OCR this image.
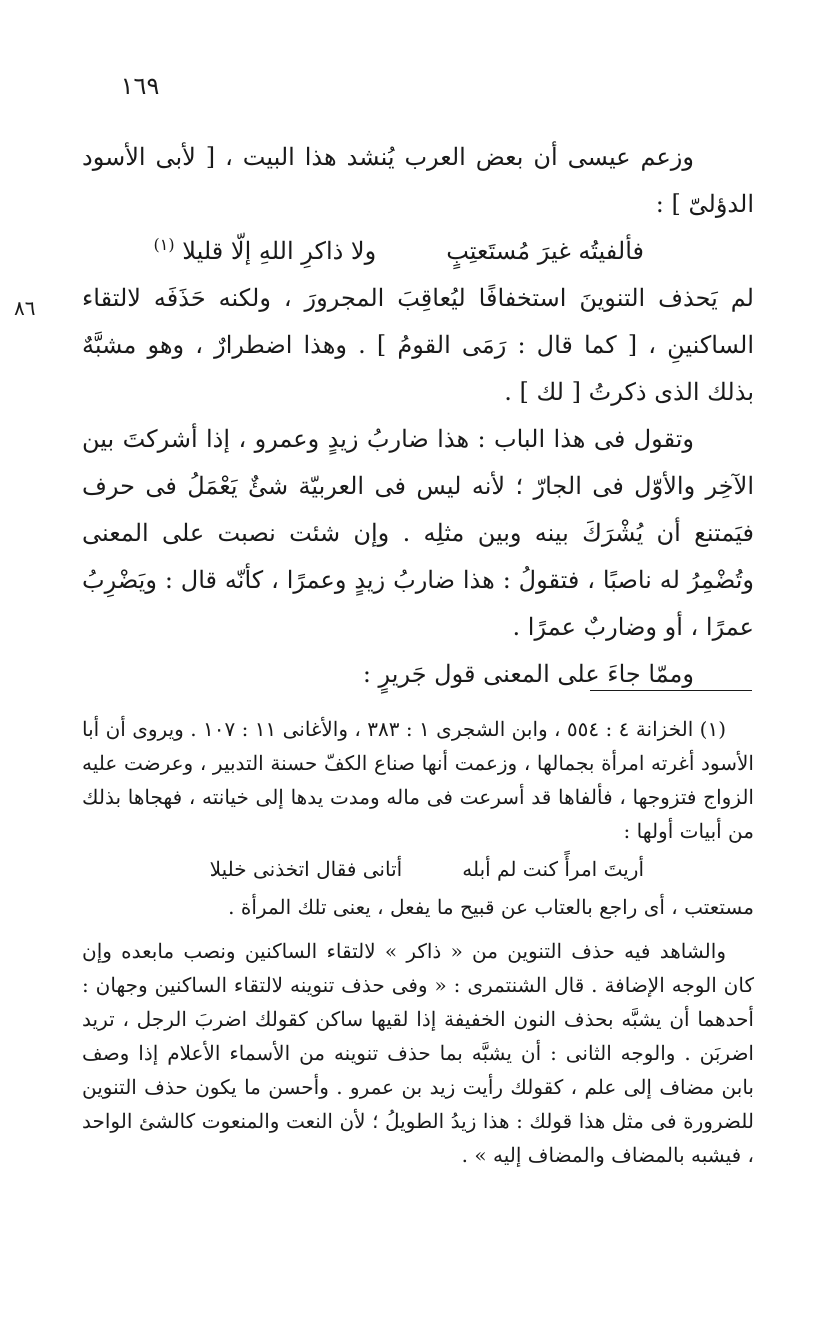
١٦٩
٨٦

وزعم عيسى أن بعض العرب يُنشد هذا البيت ، [ لأبى الأسود الدؤلىّ ] :

فألفيتُه غيرَ مُستَعتِبٍ
ولا ذاكرِ اللهِ إلّا قليلا $^{(١)}$

لم يَحذف التنوينَ استخفافًا ليُعاقِبَ المجرورَ ، ولكنه حَذَفَه لالتقاء الساكنينِ ، [ كما قال : رَمَى القومُ ] . وهذا اضطرارٌ ، وهو مشبَّهٌ بذلك الذى ذكرتُ [ لك ] .

وتقول فى هذا الباب : هذا ضاربُ زيدٍ وعمرو ، إذا أشركتَ بين الآخِر والأوّل فى الجارّ ؛ لأنه ليس فى العربيّة شئٌ يَعْمَلُ فى حرف فيَمتنع أن يُشْرَكَ بينه وبين مثلِه . وإن شئت نصبت على المعنى وتُضْمِرُ له ناصبًا ، فتقولُ : هذا ضاربُ زيدٍ وعمرًا ، كأنّه قال : ويَضْرِبُ عمرًا ، أو وضاربٌ عمرًا .

وممّا جاءَ على المعنى قول جَريرٍ :

(١) الخزانة ٤ : ٥٥٤ ، وابن الشجرى ١ : ٣٨٣ ، والأغانى ١١ : ١٠٧ . ويروى أن أبا الأسود أغرته امرأة بجمالها ، وزعمت أنها صناع الكفّ حسنة التدبير ، وعرضت عليه الزواج فتزوجها ، فألفاها قد أسرعت فى ماله ومدت يدها إلى خيانته ، فهجاها بذلك من أبيات أولها :

أريتَ امرأً كنت لم أبله
أتانى فقال اتخذنى خليلا

مستعتب ، أى راجع بالعتاب عن قبيح ما يفعل ، يعنى تلك المرأة .

والشاهد فيه حذف التنوين من « ذاكر » لالتقاء الساكنين ونصب مابعده وإن كان الوجه الإضافة . قال الشنتمرى : « وفى حذف تنوينه لالتقاء الساكنين وجهان : أحدهما أن يشبَّه بحذف النون الخفيفة إذا لقيها ساكن كقولك اضربَ الرجل ، تريد اضربَن . والوجه الثانى : أن يشبَّه بما حذف تنوينه من الأسماء الأعلام إذا وصف بابن مضاف إلى علم ، كقولك رأيت زيد بن عمرو . وأحسن ما يكون حذف التنوين للضرورة فى مثل هذا قولك : هذا زيدُ الطويلُ ؛ لأن النعت والمنعوت كالشئ الواحد ، فيشبه بالمضاف والمضاف إليه » .
